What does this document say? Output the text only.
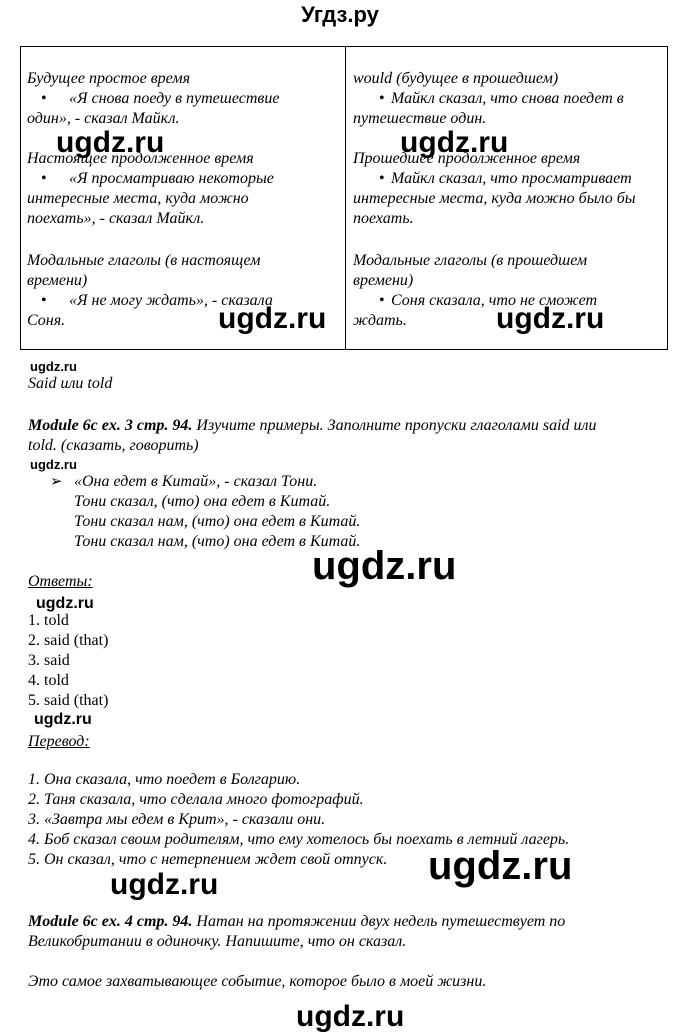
Угдз.ру

Будущее простое время

• «Я снова поеду в путешествие

один», - сказал Майкл.

Настоящее продолженное время

• «Я просматриваю некоторые

интересные места, куда можно

поехать», - сказал Майкл.

Модальные глаголы (в настоящем

времени)

• «Я не могу ждать», - сказала

Соня.

would (будущее в прошедшем)

• Майкл сказал, что снова поедет в

путешествие один.

Прошедшее продолженное время

• Майкл сказал, что просматривает

интересные места, куда можно было бы

поехать.

Модальные глаголы (в прошедшем

времени)

• Соня сказала, что не сможет

ждать.

Said или told
Module 6c ex. 3 стр. 94. Изучите примеры. Заполните пропуски глаголами said или
told. (сказать, говорить)
➢ «Она едет в Китай», - сказал Тони.
Тони сказал, (что) она едет в Китай.
Тони сказал нам, (что) она едет в Китай.
Тони сказал нам, (что) она едет в Китай.
Ответы:
1. told
2. said (that)
3. said
4. told
5. said (that)
Перевод:
1. Она сказала, что поедет в Болгарию.
2. Таня сказала, что сделала много фотографий.
3. «Завтра мы едем в Крит», - сказали они.
4. Боб сказал своим родителям, что ему хотелось бы поехать в летний лагерь.
5. Он сказал, что с нетерпением ждет свой отпуск.
Module 6c ex. 4 стр. 94. Натан на протяжении двух недель путешествует по
Великобритании в одиночку. Напишите, что он сказал.
Это самое захватывающее событие, которое было в моей жизни.
ugdz.ru	ugdz.ru
ugdz.ru	ugdz.ru
ugdz.ru
ugdz.ru
ugdz.ru
ugdz.ru
ugdz.ru
ugdz.ru
ugdz.ru
ugdz.ru
